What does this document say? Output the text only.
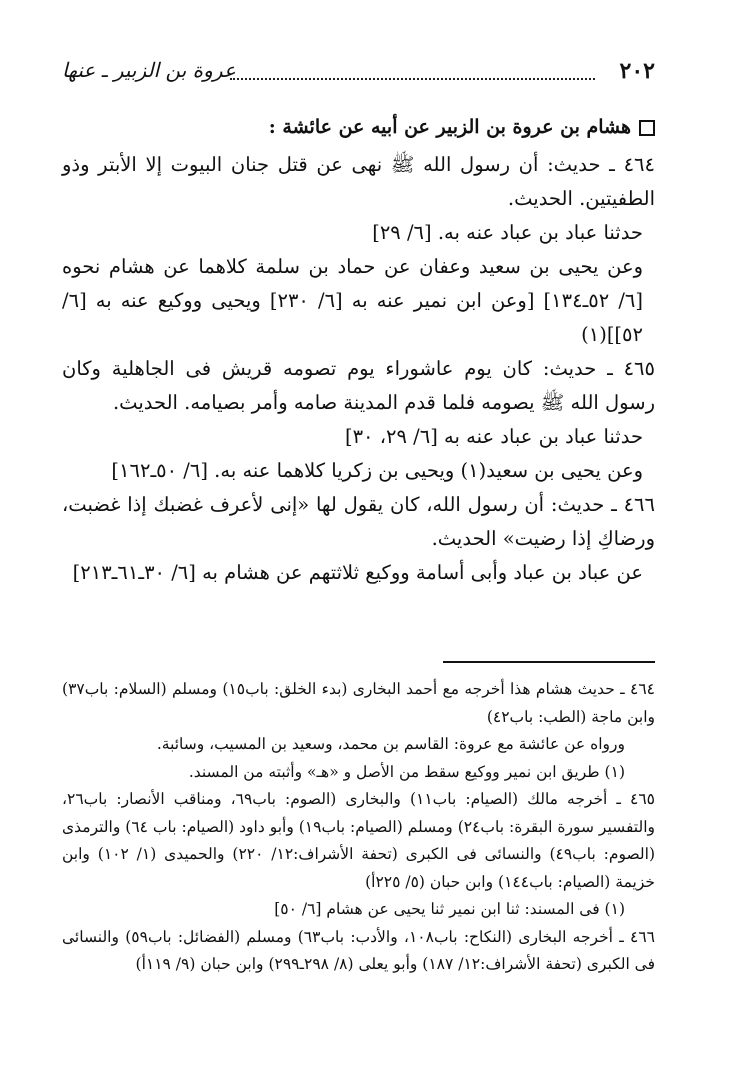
٢٠٢
عروة بن الزبير ـ عنها
هشام بن عروة بن الزبير عن أبيه عن عائشة :

٤٦٤ ـ حديث: أن رسول الله ﷺ نهى عن قتل جنان البيوت إلا الأبتر وذو الطفيتين. الحديث.

حدثنا عباد بن عباد عنه به. [٦/ ٢٩]

وعن يحيى بن سعيد وعفان عن حماد بن سلمة كلاهما عن هشام نحوه [٦/ ٥٢ـ١٣٤] [وعن ابن نمير عنه به [٦/ ٢٣٠] ويحيى ووكيع عنه به [٦/ ٥٢]](١)

٤٦٥ ـ حديث: كان يوم عاشوراء يوم تصومه قريش فى الجاهلية وكان رسول الله ﷺ يصومه فلما قدم المدينة صامه وأمر بصيامه. الحديث.

حدثنا عباد بن عباد عنه به [٦/ ٢٩، ٣٠]

وعن يحيى بن سعيد(١) ويحيى بن زكريا كلاهما عنه به. [٦/ ٥٠ـ١٦٢]

٤٦٦ ـ حديث: أن رسول الله، كان يقول لها «إنى لأعرف غضبك إذا غضبت، ورضاكِ إذا رضيت» الحديث.

عن عباد بن عباد وأبى أسامة ووكيع ثلاثتهم عن هشام به [٦/ ٣٠ـ٦١ـ٢١٣]

٤٦٤ ـ حديث هشام هذا أخرجه مع أحمد البخارى (بدء الخلق: باب١٥) ومسلم (السلام: باب٣٧) وابن ماجة (الطب: باب٤٢)

ورواه عن عائشة مع عروة: القاسم بن محمد، وسعيد بن المسيب، وسائبة.

(١) طريق ابن نمير ووكيع سقط من الأصل و «هـ» وأثبته من المسند.

٤٦٥ ـ أخرجه مالك (الصيام: باب١١) والبخارى (الصوم: باب٦٩، ومناقب الأنصار: باب٢٦، والتفسير سورة البقرة: باب٢٤) ومسلم (الصيام: باب١٩) وأبو داود (الصيام: باب ٦٤) والترمذى (الصوم: باب٤٩) والنسائى فى الكبرى (تحفة الأشراف:١٢/ ٢٢٠) والحميدى (١/ ١٠٢) وابن خزيمة (الصيام: باب١٤٤) وابن حبان (٥/ ٢٢٥أ)

(١) فى المسند: ثنا ابن نمير ثنا يحيى عن هشام [٦/ ٥٠]

٤٦٦ ـ أخرجه البخارى (النكاح: باب١٠٨، والأدب: باب٦٣) ومسلم (الفضائل: باب٥٩) والنسائى فى الكبرى (تحفة الأشراف:١٢/ ١٨٧) وأبو يعلى (٨/ ٢٩٨ـ٢٩٩) وابن حبان (٩/ ١١٩أ)
